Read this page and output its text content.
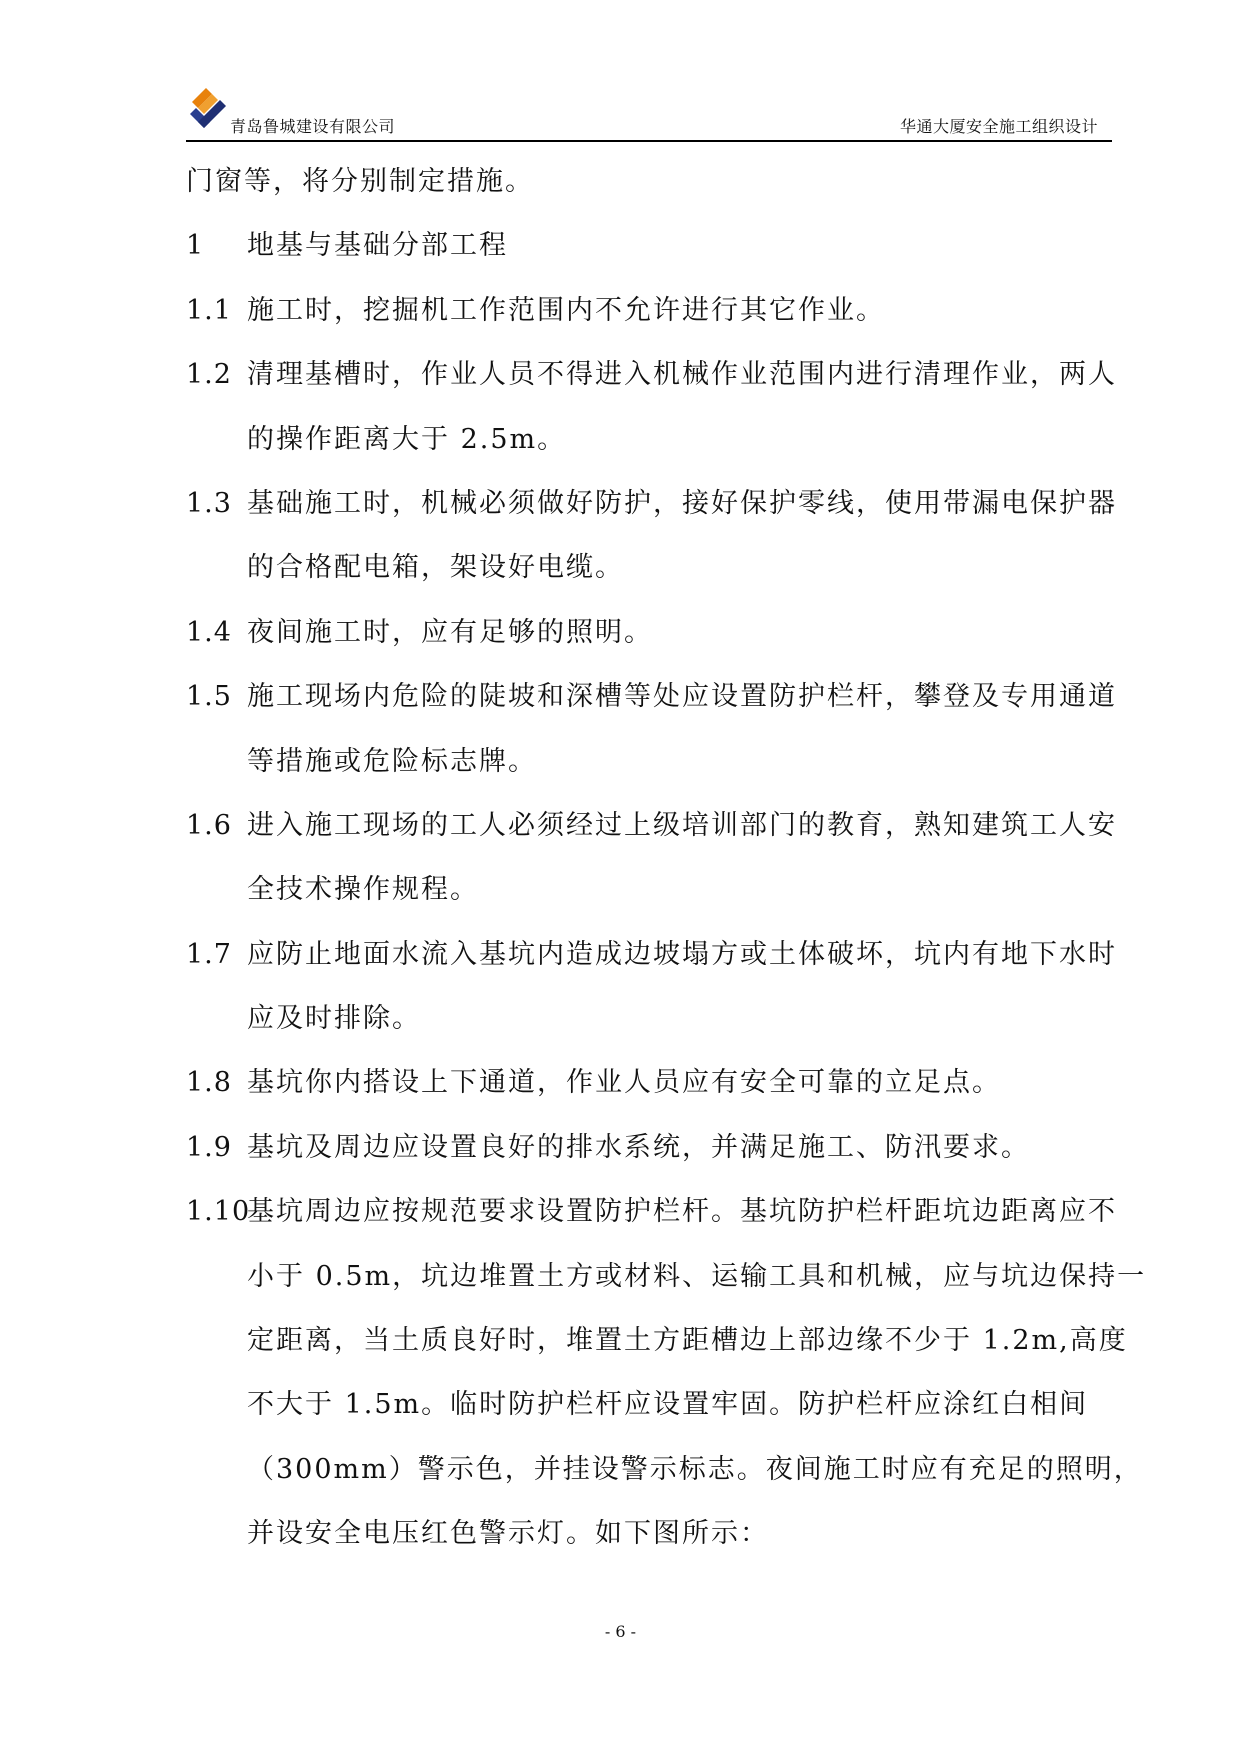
青岛鲁城建设有限公司	华通大厦安全施工组织设计
门窗等，将分别制定措施。
1 地基与基础分部工程
1.1 施工时，挖掘机工作范围内不允许进行其它作业。
1.2 清理基槽时，作业人员不得进入机械作业范围内进行清理作业，两人
的操作距离大于 2.5m。
1.3 基础施工时，机械必须做好防护，接好保护零线，使用带漏电保护器
的合格配电箱，架设好电缆。
1.4 夜间施工时，应有足够的照明。
1.5 施工现场内危险的陡坡和深槽等处应设置防护栏杆，攀登及专用通道
等措施或危险标志牌。
1.6 进入施工现场的工人必须经过上级培训部门的教育，熟知建筑工人安
全技术操作规程。
1.7 应防止地面水流入基坑内造成边坡塌方或土体破坏，坑内有地下水时
应及时排除。
1.8 基坑你内搭设上下通道，作业人员应有安全可靠的立足点。
1.9 基坑及周边应设置良好的排水系统，并满足施工、防汛要求。
1.10基坑周边应按规范要求设置防护栏杆。基坑防护栏杆距坑边距离应不
小于 0.5m，坑边堆置土方或材料、运输工具和机械，应与坑边保持一
定距离，当土质良好时，堆置土方距槽边上部边缘不少于 1.2m,高度
不大于 1.5m。临时防护栏杆应设置牢固。防护栏杆应涂红白相间
（300mm）警示色，并挂设警示标志。夜间施工时应有充足的照明，
并设安全电压红色警示灯。如下图所示：
- 6 -
